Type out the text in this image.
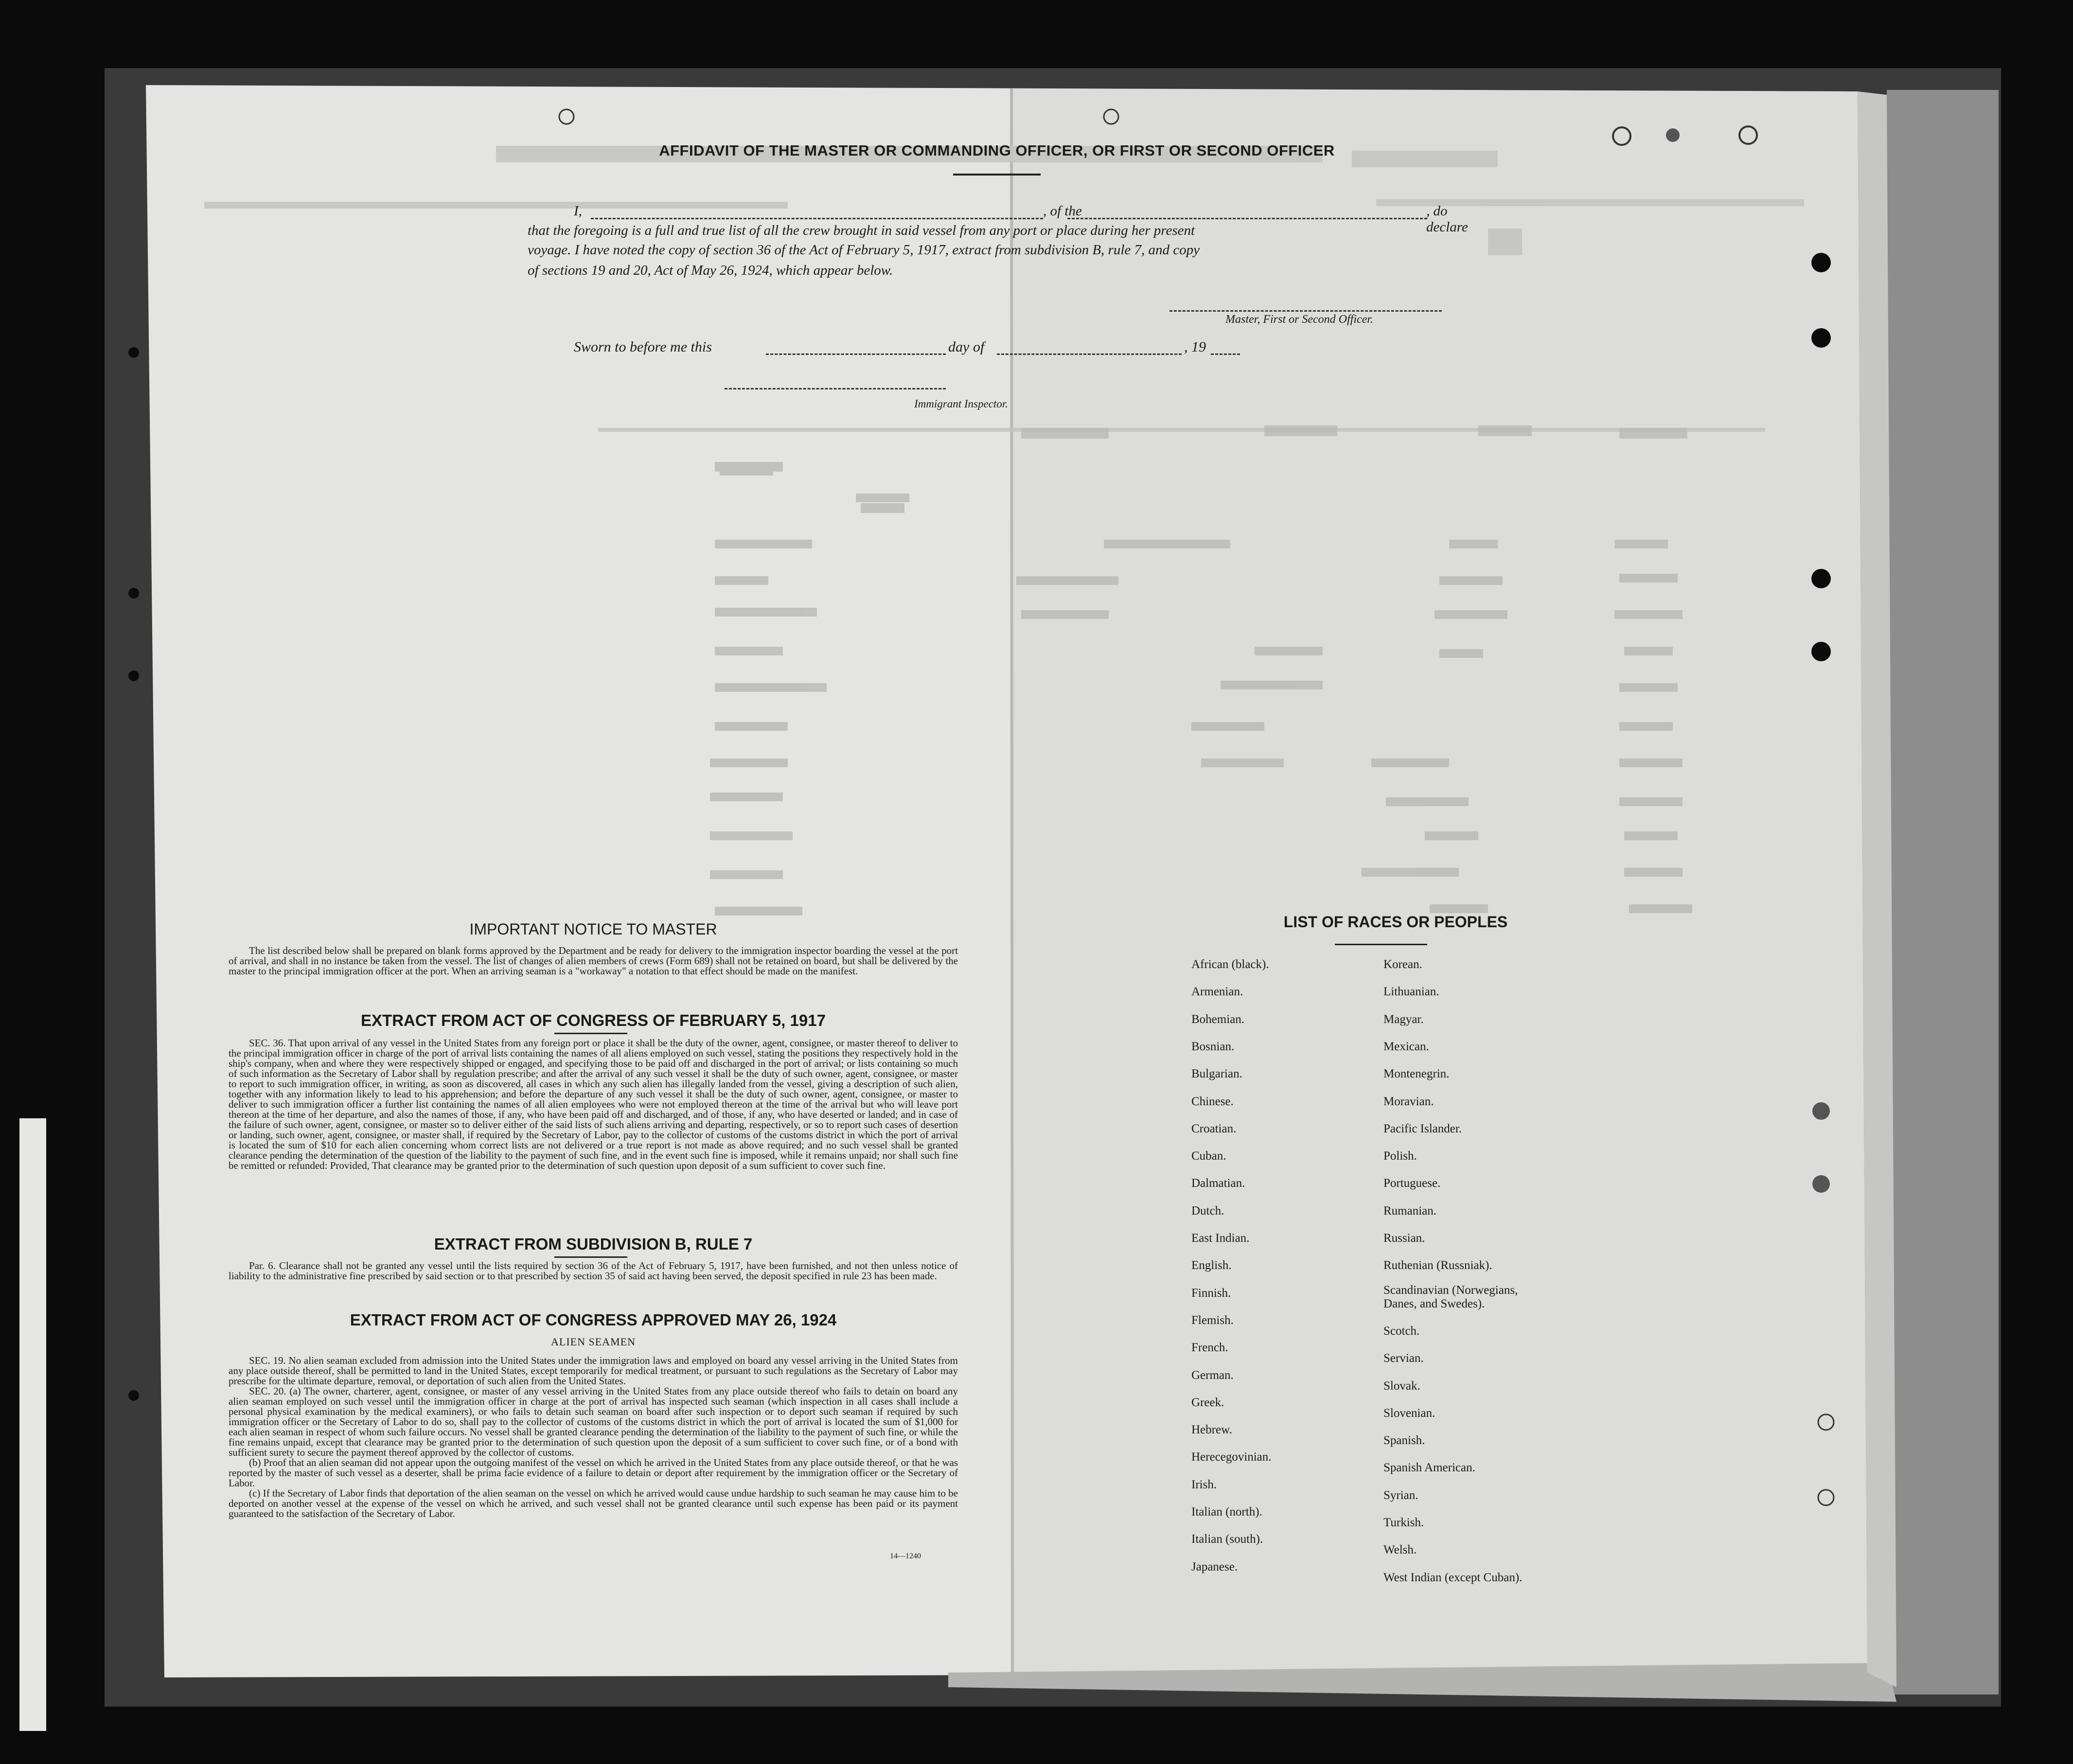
AFFIDAVIT OF THE MASTER OR COMMANDING OFFICER, OR FIRST OR SECOND OFFICER
I,	, of the	, do declare
that the foregoing is a full and true list of all the crew brought in said vessel from any port or place during her present
voyage. I have noted the copy of section 36 of the Act of February 5, 1917, extract from subdivision B, rule 7, and copy
of sections 19 and 20, Act of May 26, 1924, which appear below.
Master, First or Second Officer.
Sworn to before me this	day of	, 19
Immigrant Inspector.
IMPORTANT NOTICE TO MASTER
The list described below shall be prepared on blank forms approved by the Department and be ready for delivery to the immigration inspector boarding the vessel at the port of arrival, and shall in no instance be taken from the vessel. The list of changes of alien members of crews (Form 689) shall not be retained on board, but shall be delivered by the master to the principal immigration officer at the port. When an arriving seaman is a "workaway" a notation to that effect should be made on the manifest.
EXTRACT FROM ACT OF CONGRESS OF FEBRUARY 5, 1917
SEC. 36. That upon arrival of any vessel in the United States from any foreign port or place it shall be the duty of the owner, agent, consignee, or master thereof to deliver to the principal immigration officer in charge of the port of arrival lists containing the names of all aliens employed on such vessel, stating the positions they respectively hold in the ship's company, when and where they were respectively shipped or engaged, and specifying those to be paid off and discharged in the port of arrival; or lists containing so much of such information as the Secretary of Labor shall by regulation prescribe; and after the arrival of any such vessel it shall be the duty of such owner, agent, consignee, or master to report to such immigration officer, in writing, as soon as discovered, all cases in which any such alien has illegally landed from the vessel, giving a description of such alien, together with any information likely to lead to his apprehension; and before the departure of any such vessel it shall be the duty of such owner, agent, consignee, or master to deliver to such immigration officer a further list containing the names of all alien employees who were not employed thereon at the time of the arrival but who will leave port thereon at the time of her departure, and also the names of those, if any, who have been paid off and discharged, and of those, if any, who have deserted or landed; and in case of the failure of such owner, agent, consignee, or master so to deliver either of the said lists of such aliens arriving and departing, respectively, or so to report such cases of desertion or landing, such owner, agent, consignee, or master shall, if required by the Secretary of Labor, pay to the collector of customs of the customs district in which the port of arrival is located the sum of $10 for each alien concerning whom correct lists are not delivered or a true report is not made as above required; and no such vessel shall be granted clearance pending the determination of the question of the liability to the payment of such fine, and in the event such fine is imposed, while it remains unpaid; nor shall such fine be remitted or refunded: Provided, That clearance may be granted prior to the determination of such question upon deposit of a sum sufficient to cover such fine.
EXTRACT FROM SUBDIVISION B, RULE 7
Par. 6. Clearance shall not be granted any vessel until the lists required by section 36 of the Act of February 5, 1917, have been furnished, and not then unless notice of liability to the administrative fine prescribed by said section or to that prescribed by section 35 of said act having been served, the deposit specified in rule 23 has been made.
EXTRACT FROM ACT OF CONGRESS APPROVED MAY 26, 1924
ALIEN SEAMEN
SEC. 19. No alien seaman excluded from admission into the United States under the immigration laws and employed on board any vessel arriving in the United States from any place outside thereof, shall be permitted to land in the United States, except temporarily for medical treatment, or pursuant to such regulations as the Secretary of Labor may prescribe for the ultimate departure, removal, or deportation of such alien from the United States.
SEC. 20. (a) The owner, charterer, agent, consignee, or master of any vessel arriving in the United States from any place outside thereof who fails to detain on board any alien seaman employed on such vessel until the immigration officer in charge at the port of arrival has inspected such seaman (which inspection in all cases shall include a personal physical examination by the medical examiners), or who fails to detain such seaman on board after such inspection or to deport such seaman if required by such immigration officer or the Secretary of Labor to do so, shall pay to the collector of customs of the customs district in which the port of arrival is located the sum of $1,000 for each alien seaman in respect of whom such failure occurs. No vessel shall be granted clearance pending the determination of the liability to the payment of such fine, or while the fine remains unpaid, except that clearance may be granted prior to the determination of such question upon the deposit of a sum sufficient to cover such fine, or of a bond with sufficient surety to secure the payment thereof approved by the collector of customs.
(b) Proof that an alien seaman did not appear upon the outgoing manifest of the vessel on which he arrived in the United States from any place outside thereof, or that he was reported by the master of such vessel as a deserter, shall be prima facie evidence of a failure to detain or deport after requirement by the immigration officer or the Secretary of Labor.
(c) If the Secretary of Labor finds that deportation of the alien seaman on the vessel on which he arrived would cause undue hardship to such seaman he may cause him to be deported on another vessel at the expense of the vessel on which he arrived, and such vessel shall not be granted clearance until such expense has been paid or its payment guaranteed to the satisfaction of the Secretary of Labor.
14—1240
LIST OF RACES OR PEOPLES
African (black).
Armenian.
Bohemian.
Bosnian.
Bulgarian.
Chinese.
Croatian.
Cuban.
Dalmatian.
Dutch.
East Indian.
English.
Finnish.
Flemish.
French.
German.
Greek.
Hebrew.
Herecegovinian.
Irish.
Italian (north).
Italian (south).
Japanese.
Korean.
Lithuanian.
Magyar.
Mexican.
Montenegrin.
Moravian.
Pacific Islander.
Polish.
Portuguese.
Rumanian.
Russian.
Ruthenian (Russniak).
Scandinavian (Norwegians, Danes, and Swedes).
Scotch.
Servian.
Slovak.
Slovenian.
Spanish.
Spanish American.
Syrian.
Turkish.
Welsh.
West Indian (except Cuban).
